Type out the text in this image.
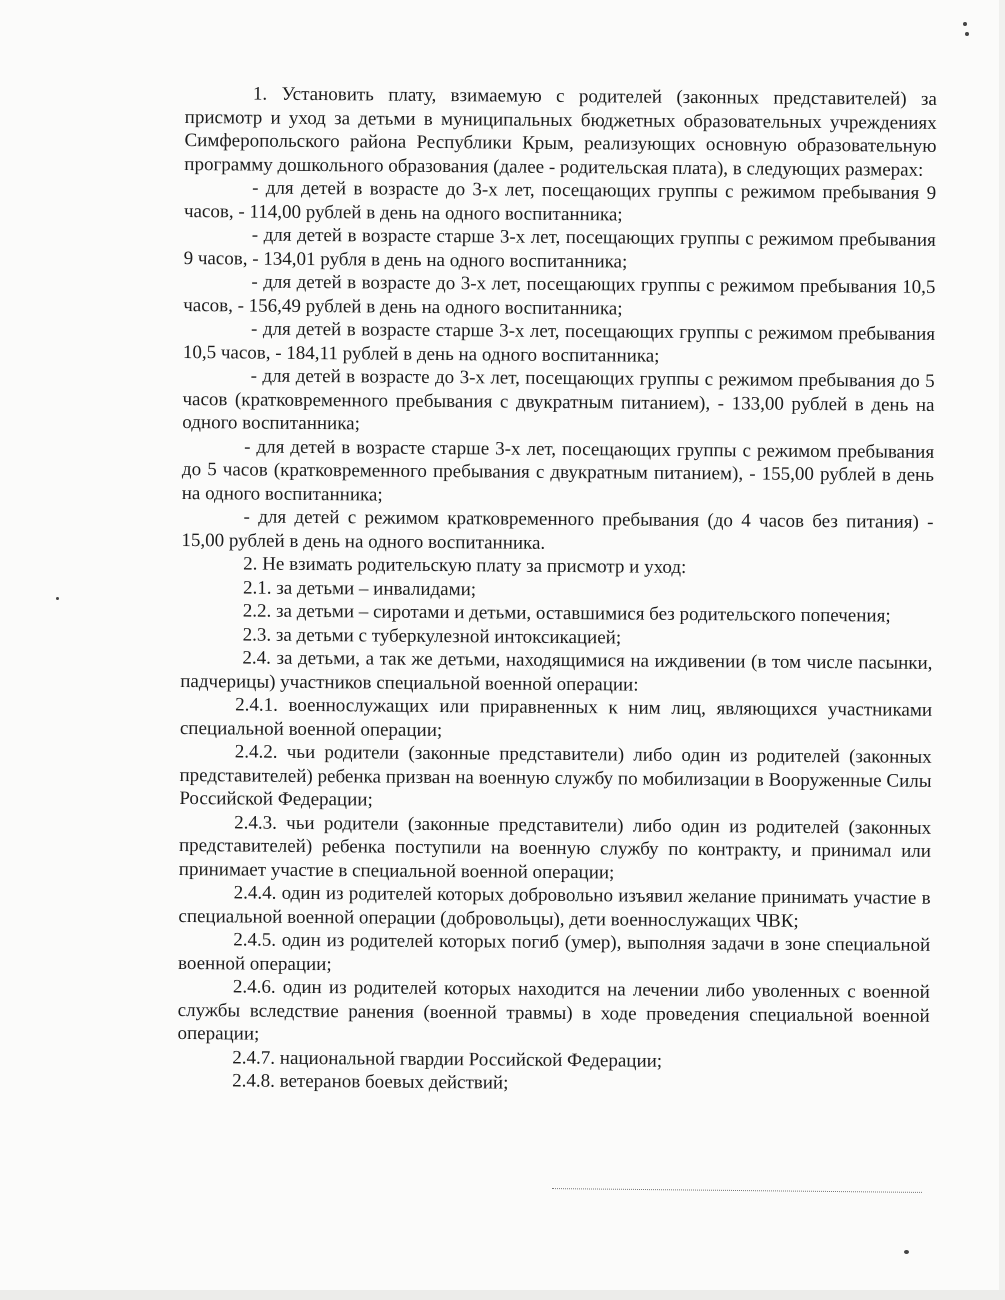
1. Установить плату, взимаемую с родителей (законных представителей) за присмотр и уход за детьми в муниципальных бюджетных образовательных учреждениях Симферопольского района Республики Крым, реализующих основную образовательную программу дошкольного образования (далее - родительская плата), в следующих размерах:

- для детей в возрасте до 3-х лет, посещающих группы с режимом пребывания 9 часов, - 114,00 рублей в день на одного воспитанника;

- для детей в возрасте старше 3-х лет, посещающих группы с режимом пребывания 9 часов, - 134,01 рубля в день на одного воспитанника;

- для детей в возрасте до 3-х лет, посещающих группы с режимом пребывания 10,5 часов, - 156,49 рублей в день на одного воспитанника;

- для детей в возрасте старше 3-х лет, посещающих группы с режимом пребывания 10,5 часов, - 184,11 рублей в день на одного воспитанника;

- для детей в возрасте до 3-х лет, посещающих группы с режимом пребывания до 5 часов (кратковременного пребывания с двукратным питанием), - 133,00 рублей в день на одного воспитанника;

- для детей в возрасте старше 3-х лет, посещающих группы с режимом пребывания до 5 часов (кратковременного пребывания с двукратным питанием), - 155,00 рублей в день на одного воспитанника;

- для детей с режимом кратковременного пребывания (до 4 часов без питания) - 15,00 рублей в день на одного воспитанника.

2. Не взимать родительскую плату за присмотр и уход:

2.1. за детьми – инвалидами;

2.2. за детьми – сиротами и детьми, оставшимися без родительского попечения;

2.3. за детьми с туберкулезной интоксикацией;

2.4. за детьми, а так же детьми, находящимися на иждивении (в том числе пасынки, падчерицы) участников специальной военной операции:

2.4.1. военнослужащих или приравненных к ним лиц, являющихся участниками специальной военной операции;

2.4.2. чьи родители (законные представители) либо один из родителей (законных представителей) ребенка призван на военную службу по мобилизации в Вооруженные Силы Российской Федерации;

2.4.3. чьи родители (законные представители) либо один из родителей (законных представителей) ребенка поступили на военную службу по контракту, и принимал или принимает участие в специальной военной операции;

2.4.4. один из родителей которых добровольно изъявил желание принимать участие в специальной военной операции (добровольцы), дети военнослужащих ЧВК;

2.4.5. один из родителей которых погиб (умер), выполняя задачи в зоне специальной военной операции;

2.4.6. один из родителей которых находится на лечении либо уволенных с военной службы вследствие ранения (военной травмы) в ходе проведения специальной военной операции;

2.4.7. национальной гвардии Российской Федерации;

2.4.8. ветеранов боевых действий;
